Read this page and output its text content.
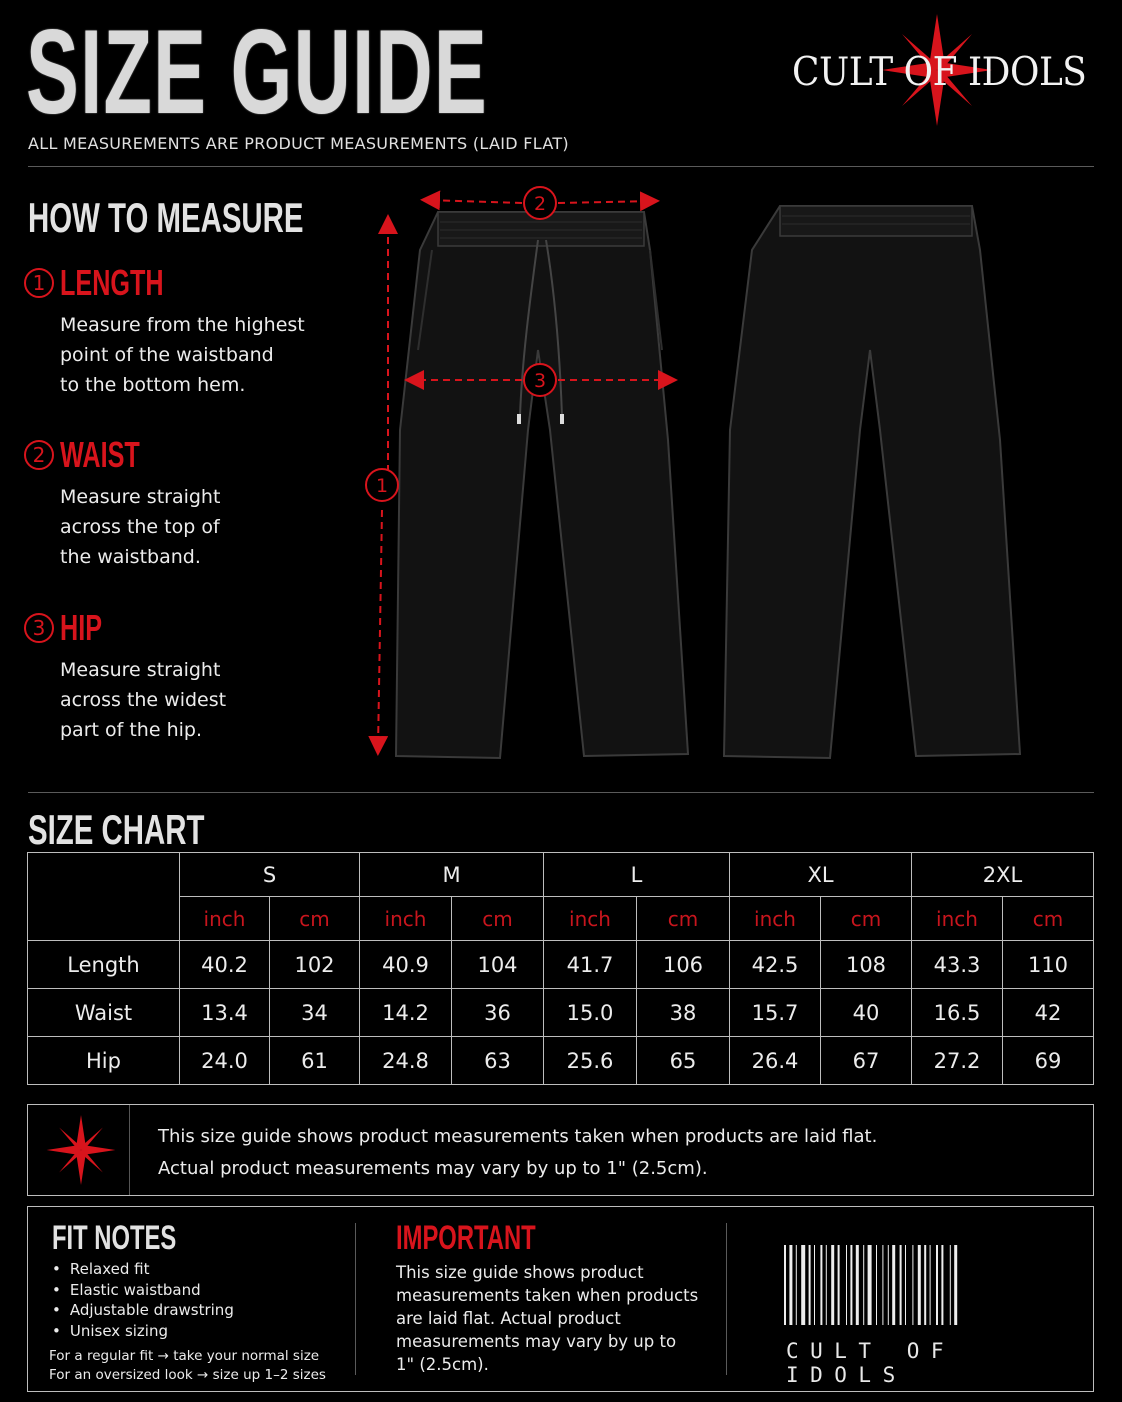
SIZE GUIDE
ALL MEASUREMENTS ARE PRODUCT MEASUREMENTS (LAID FLAT)
CULT OF IDOLS
HOW TO MEASURE
1 LENGTH
Measure from the highest
point of the waistband
to the bottom hem.
2 WAIST
Measure straight
across the top of
the waistband.
3 HIP
Measure straight
across the widest
part of the hip.
1
2
3
SIZE CHART
	S		M		L		XL		2XL	
	inch	cm	inch	cm	inch	cm	inch	cm	inch	cm
Length	40.2	102	40.9	104	41.7	106	42.5	108	43.3	110
Waist	13.4	34	14.2	36	15.0	38	15.7	40	16.5	42
Hip	24.0	61	24.8	63	25.6	65	26.4	67	27.2	69
This size guide shows product measurements taken when products are laid flat.
Actual product measurements may vary by up to 1" (2.5cm).
FIT NOTES
• Relaxed fit
• Elastic waistband
• Adjustable drawstring
• Unisex sizing
For a regular fit → take your normal size
For an oversized look → size up 1–2 sizes
IMPORTANT
This size guide shows product
measurements taken when products
are laid flat. Actual product
measurements may vary by up to
1" (2.5cm).
CULT OF IDOLS
